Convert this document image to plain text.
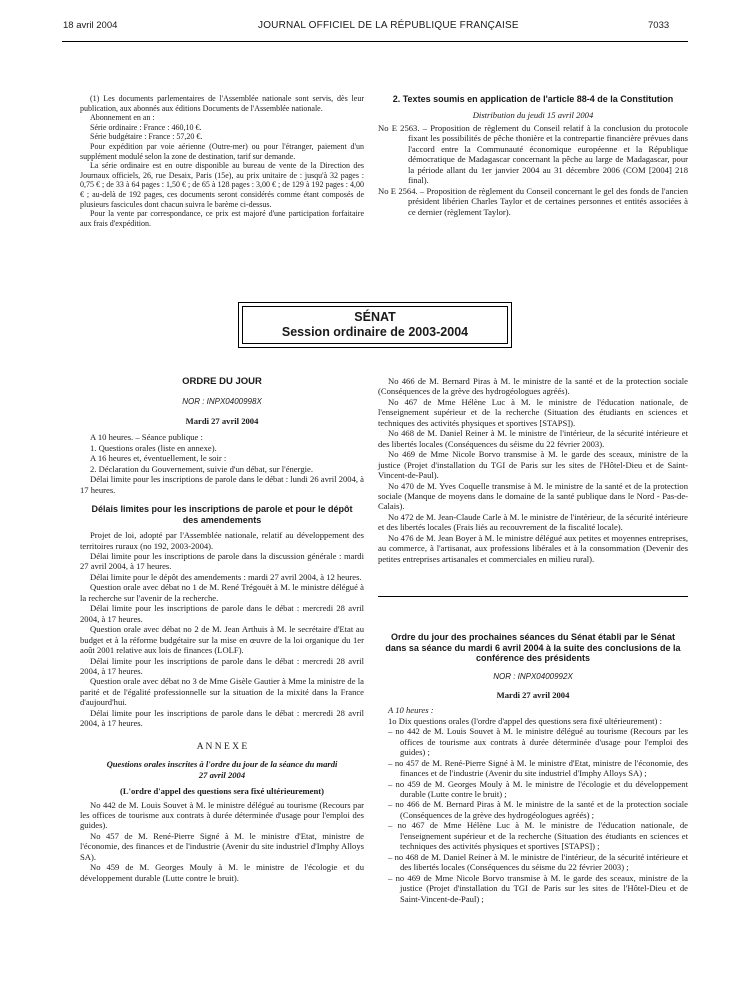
18 avril 2004	JOURNAL OFFICIEL DE LA RÉPUBLIQUE FRANÇAISE	7033

(1) Les documents parlementaires de l'Assemblée nationale sont servis, dès leur publication, aux abonnés aux éditions Documents de l'Assemblée nationale.

Abonnement en an :

Série ordinaire : France : 460,10 €.

Série budgétaire : France : 57,20 €.

Pour expédition par voie aérienne (Outre-mer) ou pour l'étranger, paiement d'un supplément modulé selon la zone de destination, tarif sur demande.

La série ordinaire est en outre disponible au bureau de vente de la Direction des Journaux officiels, 26, rue Desaix, Paris (15e), au prix unitaire de : jusqu'à 32 pages : 0,75 € ; de 33 à 64 pages : 1,50 € ; de 65 à 128 pages : 3,00 € ; de 129 à 192 pages : 4,00 € ; au-delà de 192 pages, ces documents seront considérés comme étant composés de plusieurs fascicules dont chacun suivra le barème ci-dessus.

Pour la vente par correspondance, ce prix est majoré d'une participation forfaitaire aux frais d'expédition.

2. Textes soumis en application de l'article 88-4 de la Constitution

Distribution du jeudi 15 avril 2004

No E 2563. – Proposition de règlement du Conseil relatif à la conclusion du protocole fixant les possibilités de pêche thonière et la contrepartie financière prévues dans l'accord entre la Communauté économique européenne et la République démocratique de Madagascar concernant la pêche au large de Madagascar, pour la période allant du 1er janvier 2004 au 31 décembre 2006 (COM [2004] 218 final).

No E 2564. – Proposition de règlement du Conseil concernant le gel des fonds de l'ancien président libérien Charles Taylor et de certaines personnes et entités associées à ce dernier (règlement Taylor).

SÉNAT
Session ordinaire de 2003-2004

ORDRE DU JOUR

NOR : INPX0400998X

Mardi 27 avril 2004

A 10 heures. – Séance publique :

1. Questions orales (liste en annexe).

A 16 heures et, éventuellement, le soir :

2. Déclaration du Gouvernement, suivie d'un débat, sur l'énergie.

Délai limite pour les inscriptions de parole dans le débat : lundi 26 avril 2004, à 17 heures.

Délais limites pour les inscriptions de parole et pour le dépôt des amendements

Projet de loi, adopté par l'Assemblée nationale, relatif au développement des territoires ruraux (no 192, 2003-2004).

Délai limite pour les inscriptions de parole dans la discussion générale : mardi 27 avril 2004, à 17 heures.

Délai limite pour le dépôt des amendements : mardi 27 avril 2004, à 12 heures.

Question orale avec débat no 1 de M. René Trégouët à M. le ministre délégué à la recherche sur l'avenir de la recherche.

Délai limite pour les inscriptions de parole dans le débat : mercredi 28 avril 2004, à 17 heures.

Question orale avec débat no 2 de M. Jean Arthuis à M. le secrétaire d'Etat au budget et à la réforme budgétaire sur la mise en œuvre de la loi organique du 1er août 2001 relative aux lois de finances (LOLF).

Délai limite pour les inscriptions de parole dans le débat : mercredi 28 avril 2004, à 17 heures.

Question orale avec débat no 3 de Mme Gisèle Gautier à Mme la ministre de la parité et de l'égalité professionnelle sur la situation de la mixité dans la France d'aujourd'hui.

Délai limite pour les inscriptions de parole dans le débat : mercredi 28 avril 2004, à 17 heures.

A N N E X E

Questions orales inscrites à l'ordre du jour de la séance du mardi 27 avril 2004

(L'ordre d'appel des questions sera fixé ultérieurement)

No 442 de M. Louis Souvet à M. le ministre délégué au tourisme (Recours par les offices de tourisme aux contrats à durée déterminée d'usage pour l'emploi des guides).

No 457 de M. René-Pierre Signé à M. le ministre d'Etat, ministre de l'économie, des finances et de l'industrie (Avenir du site industriel d'Imphy Alloys SA).

No 459 de M. Georges Mouly à M. le ministre de l'écologie et du développement durable (Lutte contre le bruit).

No 466 de M. Bernard Piras à M. le ministre de la santé et de la protection sociale (Conséquences de la grève des hydrogéologues agréés).

No 467 de Mme Hélène Luc à M. le ministre de l'éducation nationale, de l'enseignement supérieur et de la recherche (Situation des étudiants en sciences et techniques des activités physiques et sportives [STAPS]).

No 468 de M. Daniel Reiner à M. le ministre de l'intérieur, de la sécurité intérieure et des libertés locales (Conséquences du séisme du 22 février 2003).

No 469 de Mme Nicole Borvo transmise à M. le garde des sceaux, ministre de la justice (Projet d'installation du TGI de Paris sur les sites de l'Hôtel-Dieu et de Saint-Vincent-de-Paul).

No 470 de M. Yves Coquelle transmise à M. le ministre de la santé et de la protection sociale (Manque de moyens dans le domaine de la santé publique dans le Nord - Pas-de-Calais).

No 472 de M. Jean-Claude Carle à M. le ministre de l'intérieur, de la sécurité intérieure et des libertés locales (Frais liés au recouvrement de la fiscalité locale).

No 476 de M. Jean Boyer à M. le ministre délégué aux petites et moyennes entreprises, au commerce, à l'artisanat, aux professions libérales et à la consommation (Devenir des petites entreprises artisanales et commerciales en milieu rural).

Ordre du jour des prochaines séances du Sénat établi par le Sénat dans sa séance du mardi 6 avril 2004 à la suite des conclusions de la conférence des présidents

NOR : INPX0400992X

Mardi 27 avril 2004

A 10 heures :

1o Dix questions orales (l'ordre d'appel des questions sera fixé ultérieurement) :

– no 442 de M. Louis Souvet à M. le ministre délégué au tourisme (Recours par les offices de tourisme aux contrats à durée déterminée d'usage pour l'emploi des guides) ;

– no 457 de M. René-Pierre Signé à M. le ministre d'Etat, ministre de l'économie, des finances et de l'industrie (Avenir du site industriel d'Imphy Alloys SA) ;

– no 459 de M. Georges Mouly à M. le ministre de l'écologie et du développement durable (Lutte contre le bruit) ;

– no 466 de M. Bernard Piras à M. le ministre de la santé et de la protection sociale (Conséquences de la grève des hydrogéologues agréés) ;

– no 467 de Mme Hélène Luc à M. le ministre de l'éducation nationale, de l'enseignement supérieur et de la recherche (Situation des étudiants en sciences et techniques des activités physiques et sportives [STAPS]) ;

– no 468 de M. Daniel Reiner à M. le ministre de l'intérieur, de la sécurité intérieure et des libertés locales (Conséquences du séisme du 22 février 2003) ;

– no 469 de Mme Nicole Borvo transmise à M. le garde des sceaux, ministre de la justice (Projet d'installation du TGI de Paris sur les sites de l'Hôtel-Dieu et de Saint-Vincent-de-Paul) ;
